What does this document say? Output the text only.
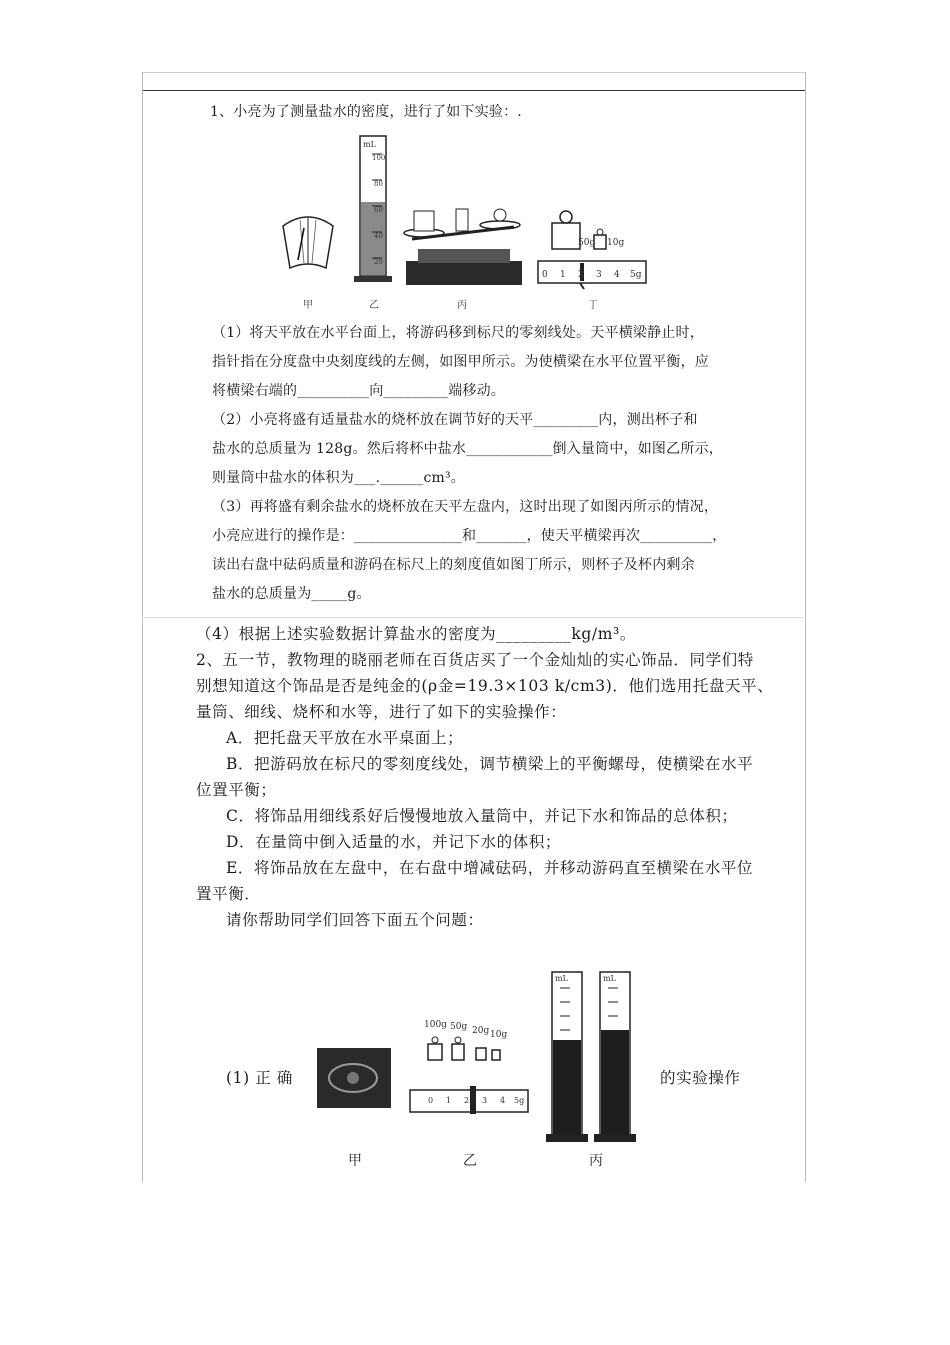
1、小亮为了测量盐水的密度，进行了如下实验：.
mL
100
80
60
40
20
50g 10g
0 1 2 3 4 5g
甲	乙	丙	丁
（1）将天平放在水平台面上，将游码移到标尺的零刻线处。天平横梁静止时，
指针指在分度盘中央刻度线的左侧，如图甲所示。为使横梁在水平位置平衡，应
将横梁右端的__________向_________端移动。
（2）小亮将盛有适量盐水的烧杯放在调节好的天平_________内，测出杯子和
盐水的总质量为 128g。然后将杯中盐水____________倒入量筒中，如图乙所示，
则量筒中盐水的体积为___.______cm³。
（3）再将盛有剩余盐水的烧杯放在天平左盘内，这时出现了如图丙所示的情况，
小亮应进行的操作是：_______________和_______，使天平横梁再次__________，
读出右盘中砝码质量和游码在标尺上的刻度值如图丁所示，则杯子及杯内剩余
盐水的总质量为_____g。
（4）根据上述实验数据计算盐水的密度为_________kg/m³。
2、五一节，教物理的晓丽老师在百货店买了一个金灿灿的实心饰品．同学们特
别想知道这个饰品是否是纯金的(ρ金=19.3×103 k/cm3)．他们选用托盘天平、
量筒、细线、烧杯和水等，进行了如下的实验操作：
A．把托盘天平放在水平桌面上；
B．把游码放在标尺的零刻度线处，调节横梁上的平衡螺母，使横梁在水平
位置平衡；
C．将饰品用细线系好后慢慢地放入量筒中，并记下水和饰品的总体积；
D．在量筒中倒入适量的水，并记下水的体积；
E．将饰品放在左盘中，在右盘中增减砝码，并移动游码直至横梁在水平位
置平衡．
请你帮助同学们回答下面五个问题：
(1) 正 确	的实验操作
100g 50g 20g 10g
0 1 2 3 4 5g
mL	mL
甲	乙	丙
